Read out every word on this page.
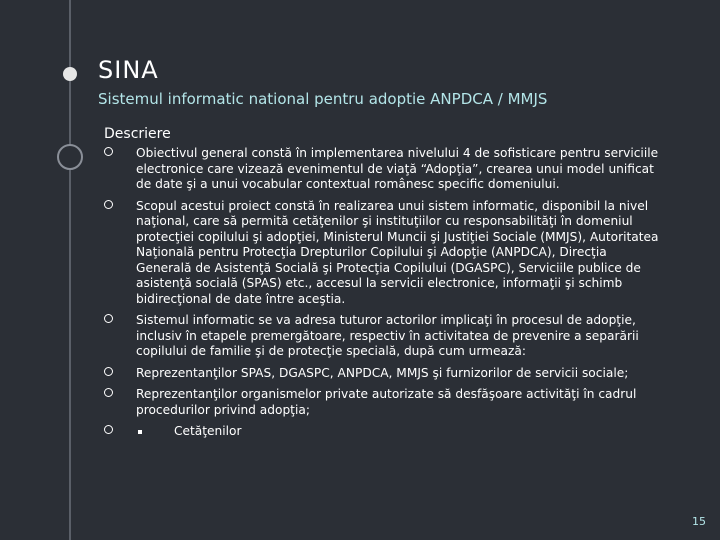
SINA
Sistemul informatic national pentru adoptie ANPDCA / MMJS
Descriere
Obiectivul general constă în implementarea nivelului 4 de sofisticare pentru serviciile electronice care vizează evenimentul de viaţă “Adopţia”, crearea unui model unificat de date şi a unui vocabular contextual românesc specific domeniului.
Scopul acestui proiect constă în realizarea unui sistem informatic, disponibil la nivel naţional, care să permită cetăţenilor şi instituţiilor cu responsabilităţi în domeniul protecţiei copilului şi adopţiei, Ministerul Muncii şi Justiţiei Sociale (MMJS), Autoritatea Naţională pentru Protecţia Drepturilor Copilului şi Adopţie (ANPDCA), Direcţia Generală de Asistenţă Socială şi Protecţia Copilului (DGASPC), Serviciile publice de asistenţă socială (SPAS) etc., accesul la servicii electronice, informaţii şi schimb bidirecţional de date între aceştia.
Sistemul informatic se va adresa tuturor actorilor implicaţi în procesul de adopţie, inclusiv în etapele premergătoare, respectiv în activitatea de prevenire a separării copilului de familie şi de protecţie specială, după cum urmează:
Reprezentanţilor SPAS, DGASPC, ANPDCA, MMJS şi furnizorilor de servicii sociale;
Reprezentanţilor organismelor private autorizate să desfăşoare activităţi în cadrul procedurilor privind adopţia;
Cetăţenilor
15
